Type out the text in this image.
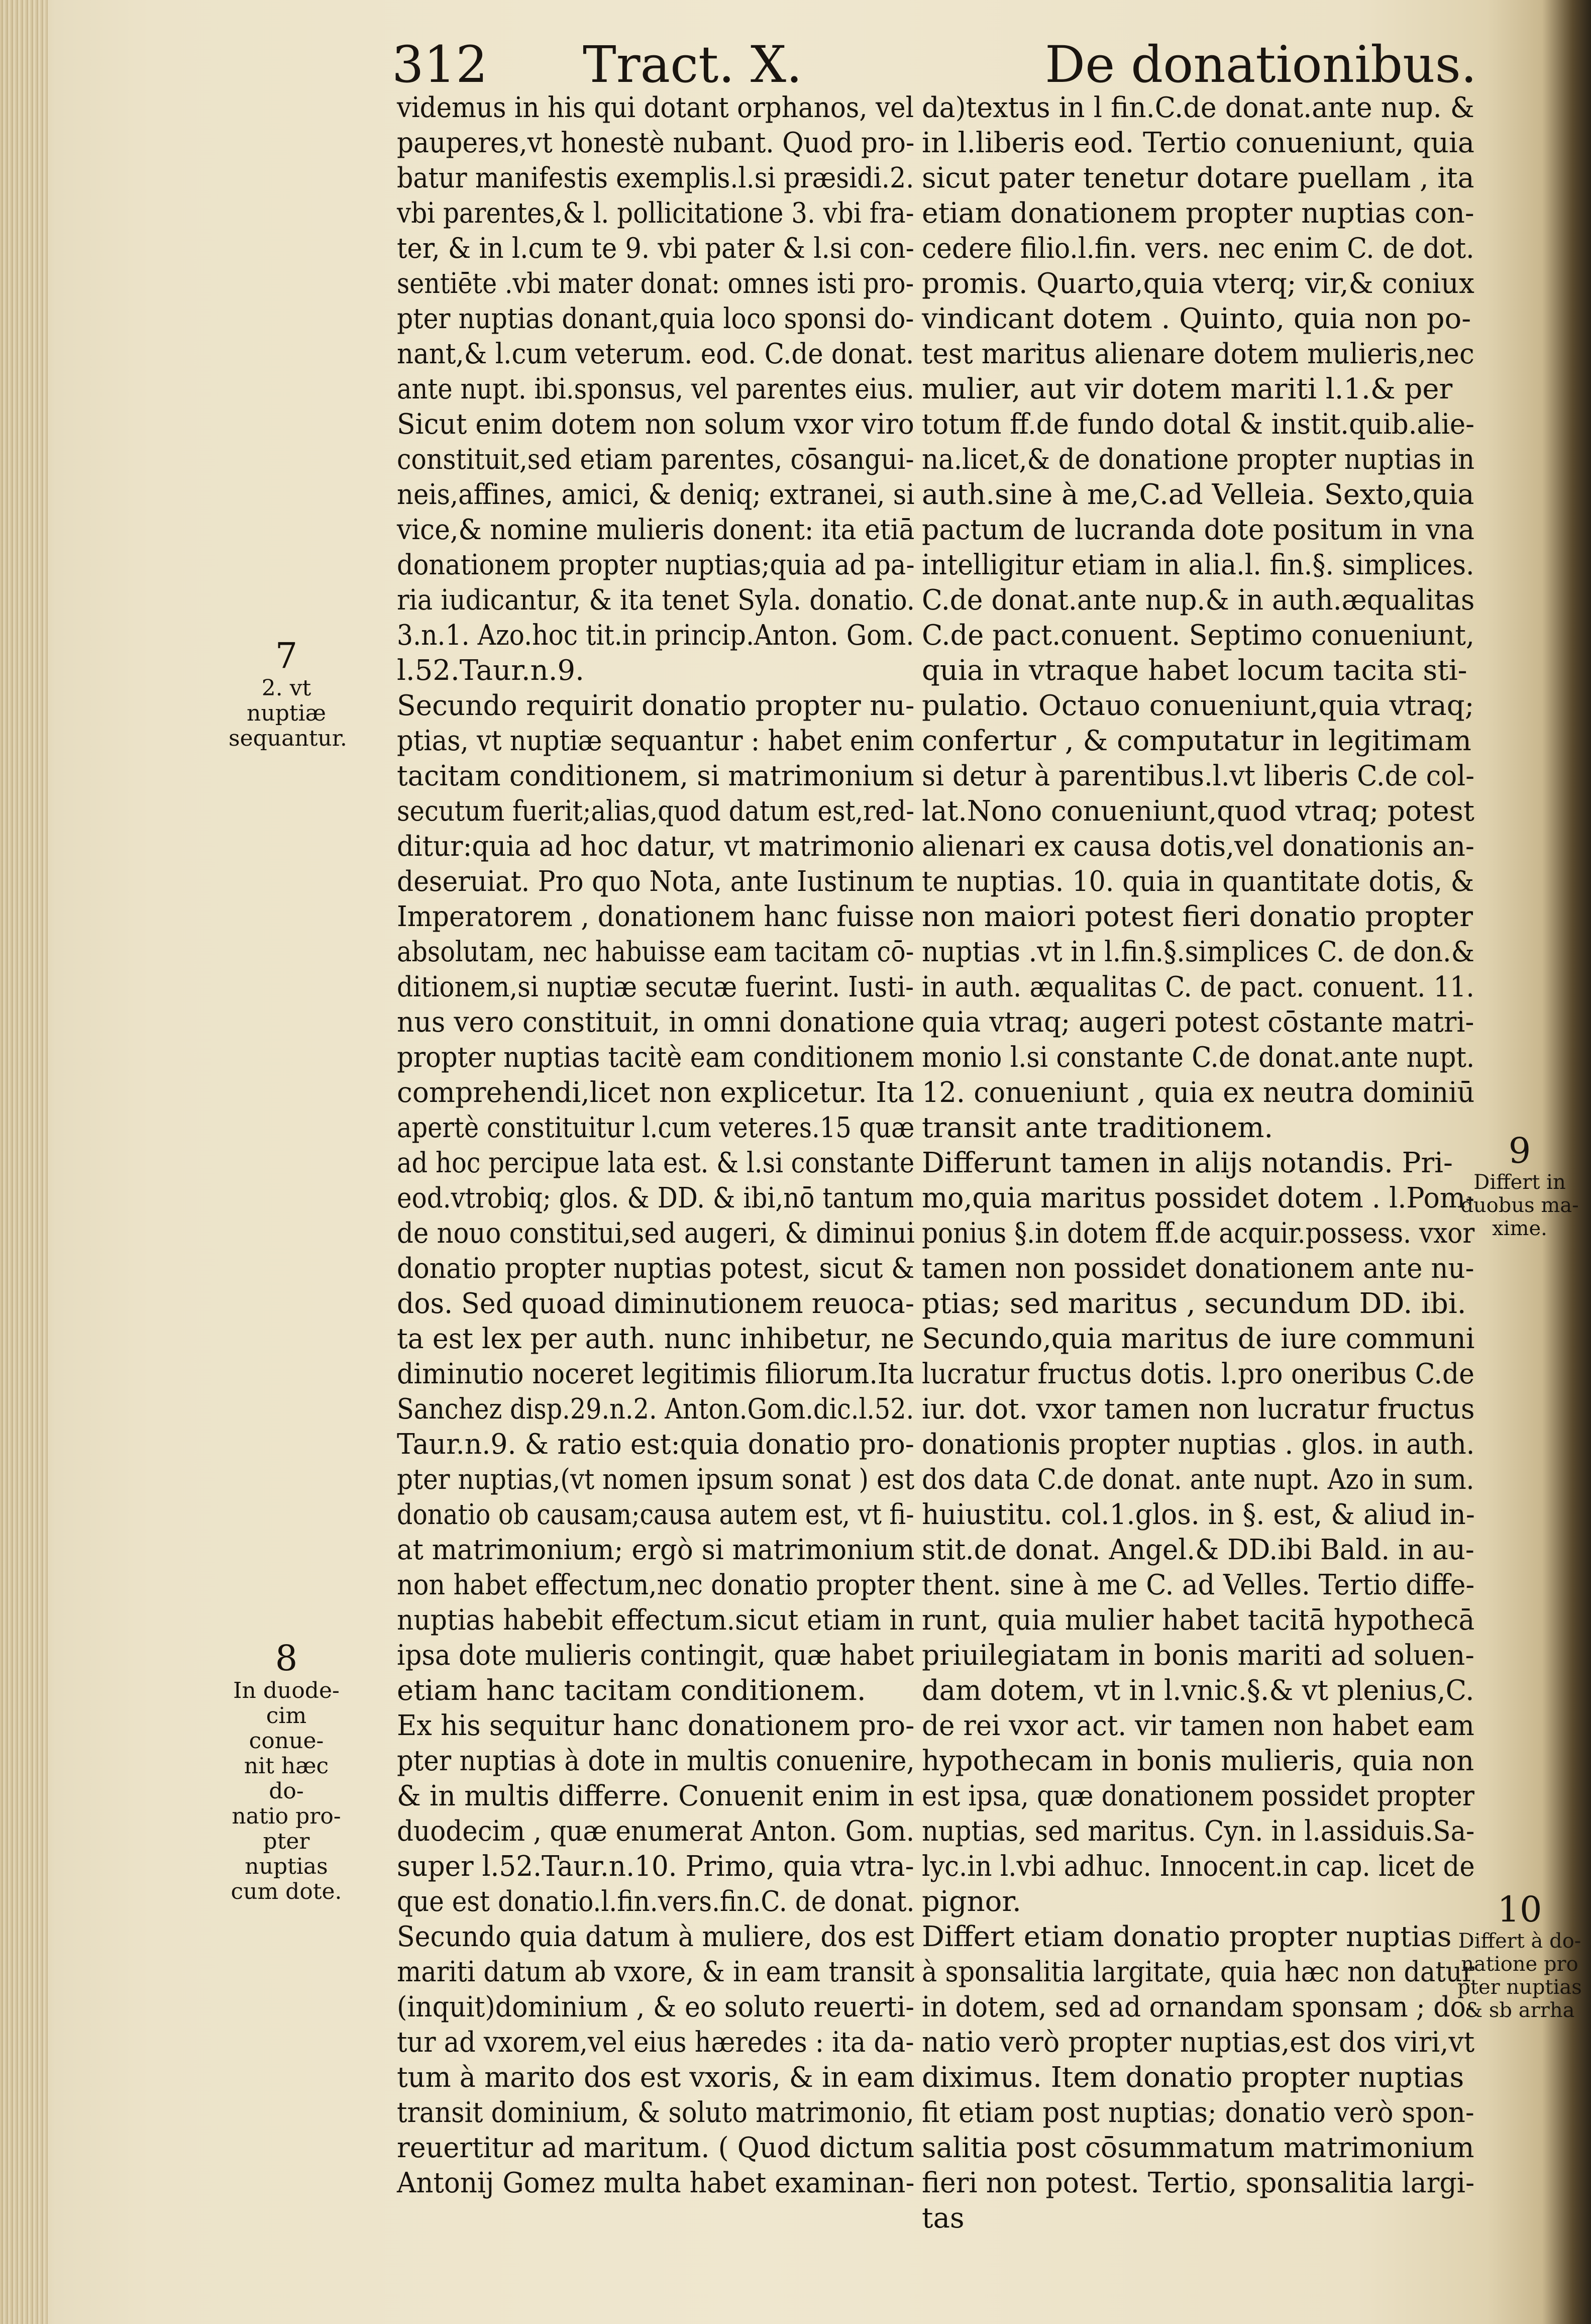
312 Tract. X.	De donationibus.

videmus in his qui dotant orphanos, vel

pauperes,vt honestè nubant. Quod pro-

batur manifestis exemplis.l.si præsidi.2.

vbi parentes,& l. pollicitatione 3. vbi fra-

ter, & in l.cum te 9. vbi pater & l.si con-

sentiēte .vbi mater donat: omnes isti pro-

pter nuptias donant,quia loco sponsi do-

nant,& l.cum veterum. eod. C.de donat.

ante nupt. ibi.sponsus, vel parentes eius.

Sicut enim dotem non solum vxor viro

constituit,sed etiam parentes, cōsangui-

neis,affines, amici, & deniq; extranei, si

vice,& nomine mulieris donent: ita etiā

donationem propter nuptias;quia ad pa-

ria iudicantur, & ita tenet Syla. donatio.

3.n.1. Azo.hoc tit.in princip.Anton. Gom.

l.52.Taur.n.9.

Secundo requirit donatio propter nu-

ptias, vt nuptiæ sequantur : habet enim

tacitam conditionem, si matrimonium

secutum fuerit;alias,quod datum est,red-

ditur:quia ad hoc datur, vt matrimonio

deseruiat. Pro quo Nota, ante Iustinum

Imperatorem , donationem hanc fuisse

absolutam, nec habuisse eam tacitam cō-

ditionem,si nuptiæ secutæ fuerint. Iusti-

nus vero constituit, in omni donatione

propter nuptias tacitè eam conditionem

comprehendi,licet non explicetur. Ita

apertè constituitur l.cum veteres.15 quæ

ad hoc percipue lata est. & l.si constante

eod.vtrobiq; glos. & DD. & ibi,nō tantum

de nouo constitui,sed augeri, & diminui

donatio propter nuptias potest, sicut &

dos. Sed quoad diminutionem reuoca-

ta est lex per auth. nunc inhibetur, ne

diminutio noceret legitimis filiorum.Ita

Sanchez disp.29.n.2. Anton.Gom.dic.l.52.

Taur.n.9. & ratio est:quia donatio pro-

pter nuptias,(vt nomen ipsum sonat ) est

donatio ob causam;causa autem est, vt fi-

at matrimonium; ergò si matrimonium

non habet effectum,nec donatio propter

nuptias habebit effectum.sicut etiam in

ipsa dote mulieris contingit, quæ habet

etiam hanc tacitam conditionem.

Ex his sequitur hanc donationem pro-

pter nuptias à dote in multis conuenire,

& in multis differre. Conuenit enim in

duodecim , quæ enumerat Anton. Gom.

super l.52.Taur.n.10. Primo, quia vtra-

que est donatio.l.fin.vers.fin.C. de donat.

Secundo quia datum à muliere, dos est

mariti datum ab vxore, & in eam transit

(inquit)dominium , & eo soluto reuerti-

tur ad vxorem,vel eius hæredes : ita da-

tum à marito dos est vxoris, & in eam

transit dominium, & soluto matrimonio,

reuertitur ad maritum. ( Quod dictum

Antonij Gomez multa habet examinan-

da)textus in l fin.C.de donat.ante nup. &

in l.liberis eod. Tertio conueniunt, quia

sicut pater tenetur dotare puellam , ita

etiam donationem propter nuptias con-

cedere filio.l.fin. vers. nec enim C. de dot.

promis. Quarto,quia vterq; vir,& coniux

vindicant dotem . Quinto, quia non po-

test maritus alienare dotem mulieris,nec

mulier, aut vir dotem mariti l.1.& per

totum ff.de fundo dotal & instit.quib.alie-

na.licet,& de donatione propter nuptias in

auth.sine à me,C.ad Velleia. Sexto,quia

pactum de lucranda dote positum in vna

intelligitur etiam in alia.l. fin.§. simplices.

C.de donat.ante nup.& in auth.æqualitas

C.de pact.conuent. Septimo conueniunt,

quia in vtraque habet locum tacita sti-

pulatio. Octauo conueniunt,quia vtraq;

confertur , & computatur in legitimam

si detur à parentibus.l.vt liberis C.de col-

lat.Nono conueniunt,quod vtraq; potest

alienari ex causa dotis,vel donationis an-

te nuptias. 10. quia in quantitate dotis, &

non maiori potest fieri donatio propter

nuptias .vt in l.fin.§.simplices C. de don.&

in auth. æqualitas C. de pact. conuent. 11.

quia vtraq; augeri potest cōstante matri-

monio l.si constante C.de donat.ante nupt.

12. conueniunt , quia ex neutra dominiū

transit ante traditionem.

Differunt tamen in alijs notandis. Pri-

mo,quia maritus possidet dotem . l.Pom-

ponius §.in dotem ff.de acquir.possess. vxor

tamen non possidet donationem ante nu-

ptias; sed maritus , secundum DD. ibi.

Secundo,quia maritus de iure communi

lucratur fructus dotis. l.pro oneribus C.de

iur. dot. vxor tamen non lucratur fructus

donationis propter nuptias . glos. in auth.

dos data C.de donat. ante nupt. Azo in sum.

huiustitu. col.1.glos. in §. est, & aliud in-

stit.de donat. Angel.& DD.ibi Bald. in au-

thent. sine à me C. ad Velles. Tertio diffe-

runt, quia mulier habet tacitā hypothecā

priuilegiatam in bonis mariti ad soluen-

dam dotem, vt in l.vnic.§.& vt plenius,C.

de rei vxor act. vir tamen non habet eam

hypothecam in bonis mulieris, quia non

est ipsa, quæ donationem possidet propter

nuptias, sed maritus. Cyn. in l.assiduis.Sa-

lyc.in l.vbi adhuc. Innocent.in cap. licet de

pignor.

Differt etiam donatio propter nuptias

à sponsalitia largitate, quia hæc non datur

in dotem, sed ad ornandam sponsam ; do-

natio verò propter nuptias,est dos viri,vt

diximus. Item donatio propter nuptias

fit etiam post nuptias; donatio verò spon-

salitia post cōsummatum matrimonium

fieri non potest. Tertio, sponsalitia largi-

tas

7
2. vt nuptiæ
sequantur.
8
In duode-
cim conue-
nit hæc do-
natio pro-
pter nuptias
cum dote.
9
Differt in
duobus ma-
xime.
10
Differt à do-
natione pro
pter nuptias
& sb arrha
